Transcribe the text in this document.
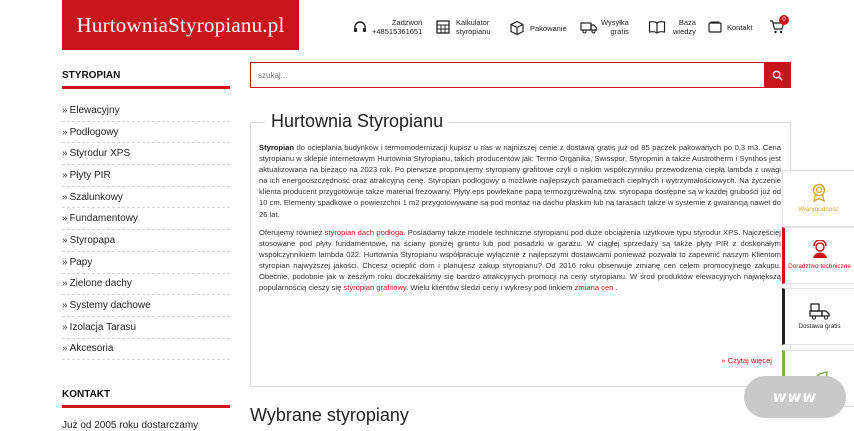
HurtowniaStyropianu.pl	Zadzwoń
+48515361651
Kalkulator
styropianu	Pakowanie
Wysyłka
gratis
Baza
wiedzy	Kontakt
0
STYROPIAN
» Elewacyjny
» Podłogowy
» Styrodur XPS
» Płyty PIR
» Szalunkowy
» Fundamentowy
» Styropapa
» Papy
» Zielone dachy
» Systemy dachowe
» Izolacja Tarasu
» Akcesoria
KONTAKT
Już od 2005 roku dostarczamy
szukaj...
Hurtownia Styropianu

Styropian do ocieplania budynków i termomodernizacji kupisz u nas w najniższej cenie z dostawą gratis już od 85 paczek pakowanych po 0,3 m3. Cena styropianu w sklepie internetowym Hurtownia Styropianu, takich producentów jak: Termo Organika, Swisspor, Styropmin a także Austrotherm i Synthos jest aktualizowana na bieżąco na 2023 rok. Po pierwsze proponujemy styropiany grafitowe czyli o niskim współczynniku przewodzenia ciepła lambda z uwagi na ich energooszczędność oraz atrakcyjną cenę. Styropian podłogowy o możliwie najlepszych parametrach cieplnych i wytrzymałościowych. Na życzenie klienta producent przygotowuje także materiał frezowany. Płyty eps powlekane papą termozgrzewalną tzw. styropapa dostępne są w każdej grubości już od 10 cm. Elementy spadkowe o powierzchni 1 m2 przygotowywane są pod montaż na dachu płaskim lub na tarasach także w systemie z gwarancją nawet do 26 lat.

Oferujemy również styropian dach podłoga. Posiadamy także modele techniczne styropianu pod duże obciążenia użytkowe typu styrodur XPS. Najczęściej stosowane pod płyty fundamentowe, na ściany poniżej gruntu lub pod posadzki w garażu. W ciągłej sprzedaży są także płyty PIR z doskonałym współczynnikiem lambda 022. Hurtownia Styropianu współpracuje wyłącznie z najlepszymi dostawcami ponieważ pozwala to zapewnić naszym Klientom styropian najwyższej jakości. Chcesz ocieplić dom i planujesz zakup styropianu? Od 2016 roku obserwuje zmianę cen celem promocyjnego zakupu. Obecnie, podobnie jak w zeszłym roku doczekaliśmy się bardzo atrakcyjnych promocji na ceny styropianu. W środ produktów elewacyjnych największą popularnością cieszy się styropian grafitowy. Wielu klientów śledzi ceny i wykresy pod linkiem zmiana cen .

» Czytaj więcej
Wybrane styropiany
Wiarygodność
Doradztwo techniczne
Dostawa gratis
www
